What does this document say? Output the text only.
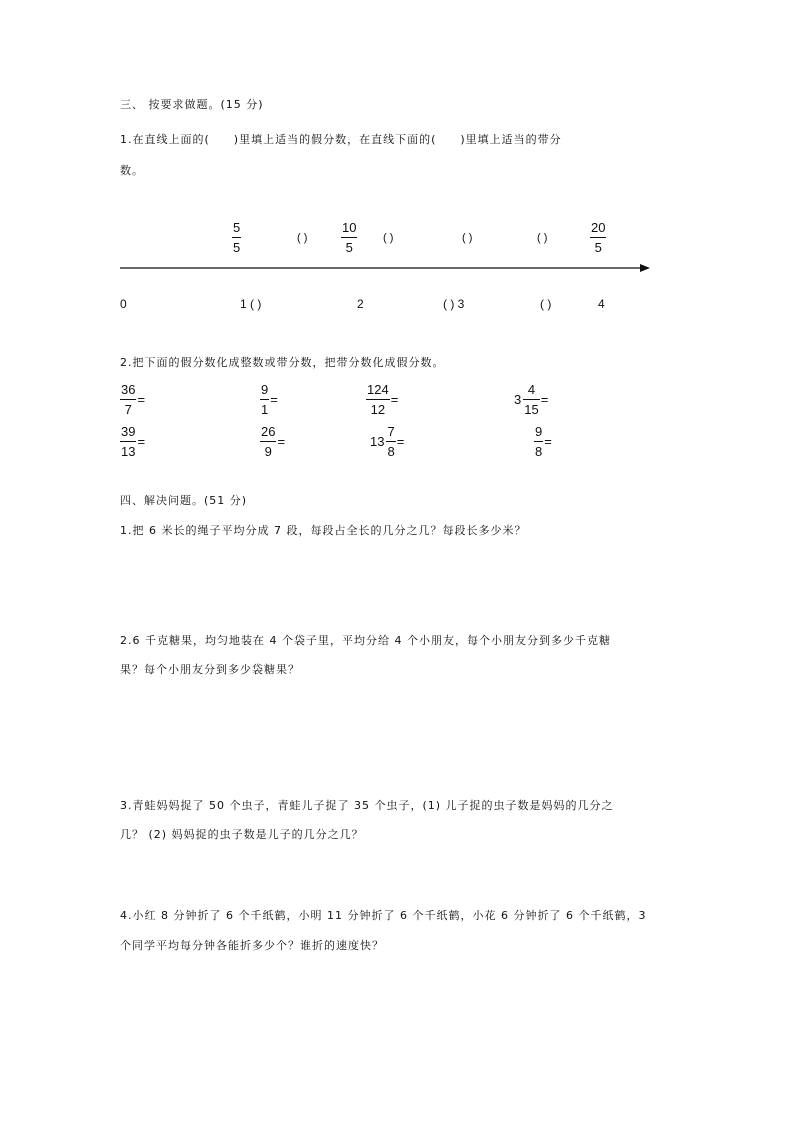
三、 按要求做题。(15 分)
1.在直线上面的(　　)里填上适当的假分数，在直线下面的(　　)里填上适当的带分
数。
5
5
( )
10
5
( )	( )	( )
20
5
0	1 ( )	2	( ) 3	( )	4
2.把下面的假分数化成整数或带分数，把带分数化成假分数。
$\frac{36}{7}$ =	$\frac{9}{1}$ =	$\frac{124}{12}$ =	$3 \frac{4}{15}$ =
$\frac{39}{13}$ =	$\frac{26}{9}$ =	$13 \frac{7}{8}$ =	$\frac{9}{8}$ =
四、解决问题。(51 分)
1.把 6 米长的绳子平均分成 7 段，每段占全长的几分之几？每段长多少米？
2.6 千克糖果，均匀地装在 4 个袋子里，平均分给 4 个小朋友，每个小朋友分到多少千克糖
果？每个小朋友分到多少袋糖果？
3.青蛙妈妈捉了 50 个虫子，青蛙儿子捉了 35 个虫子，(1) 儿子捉的虫子数是妈妈的几分之
几？ (2) 妈妈捉的虫子数是儿子的几分之几？
4.小红 8 分钟折了 6 个千纸鹤，小明 11 分钟折了 6 个千纸鹤，小花 6 分钟折了 6 个千纸鹤，3
个同学平均每分钟各能折多少个？谁折的速度快？
